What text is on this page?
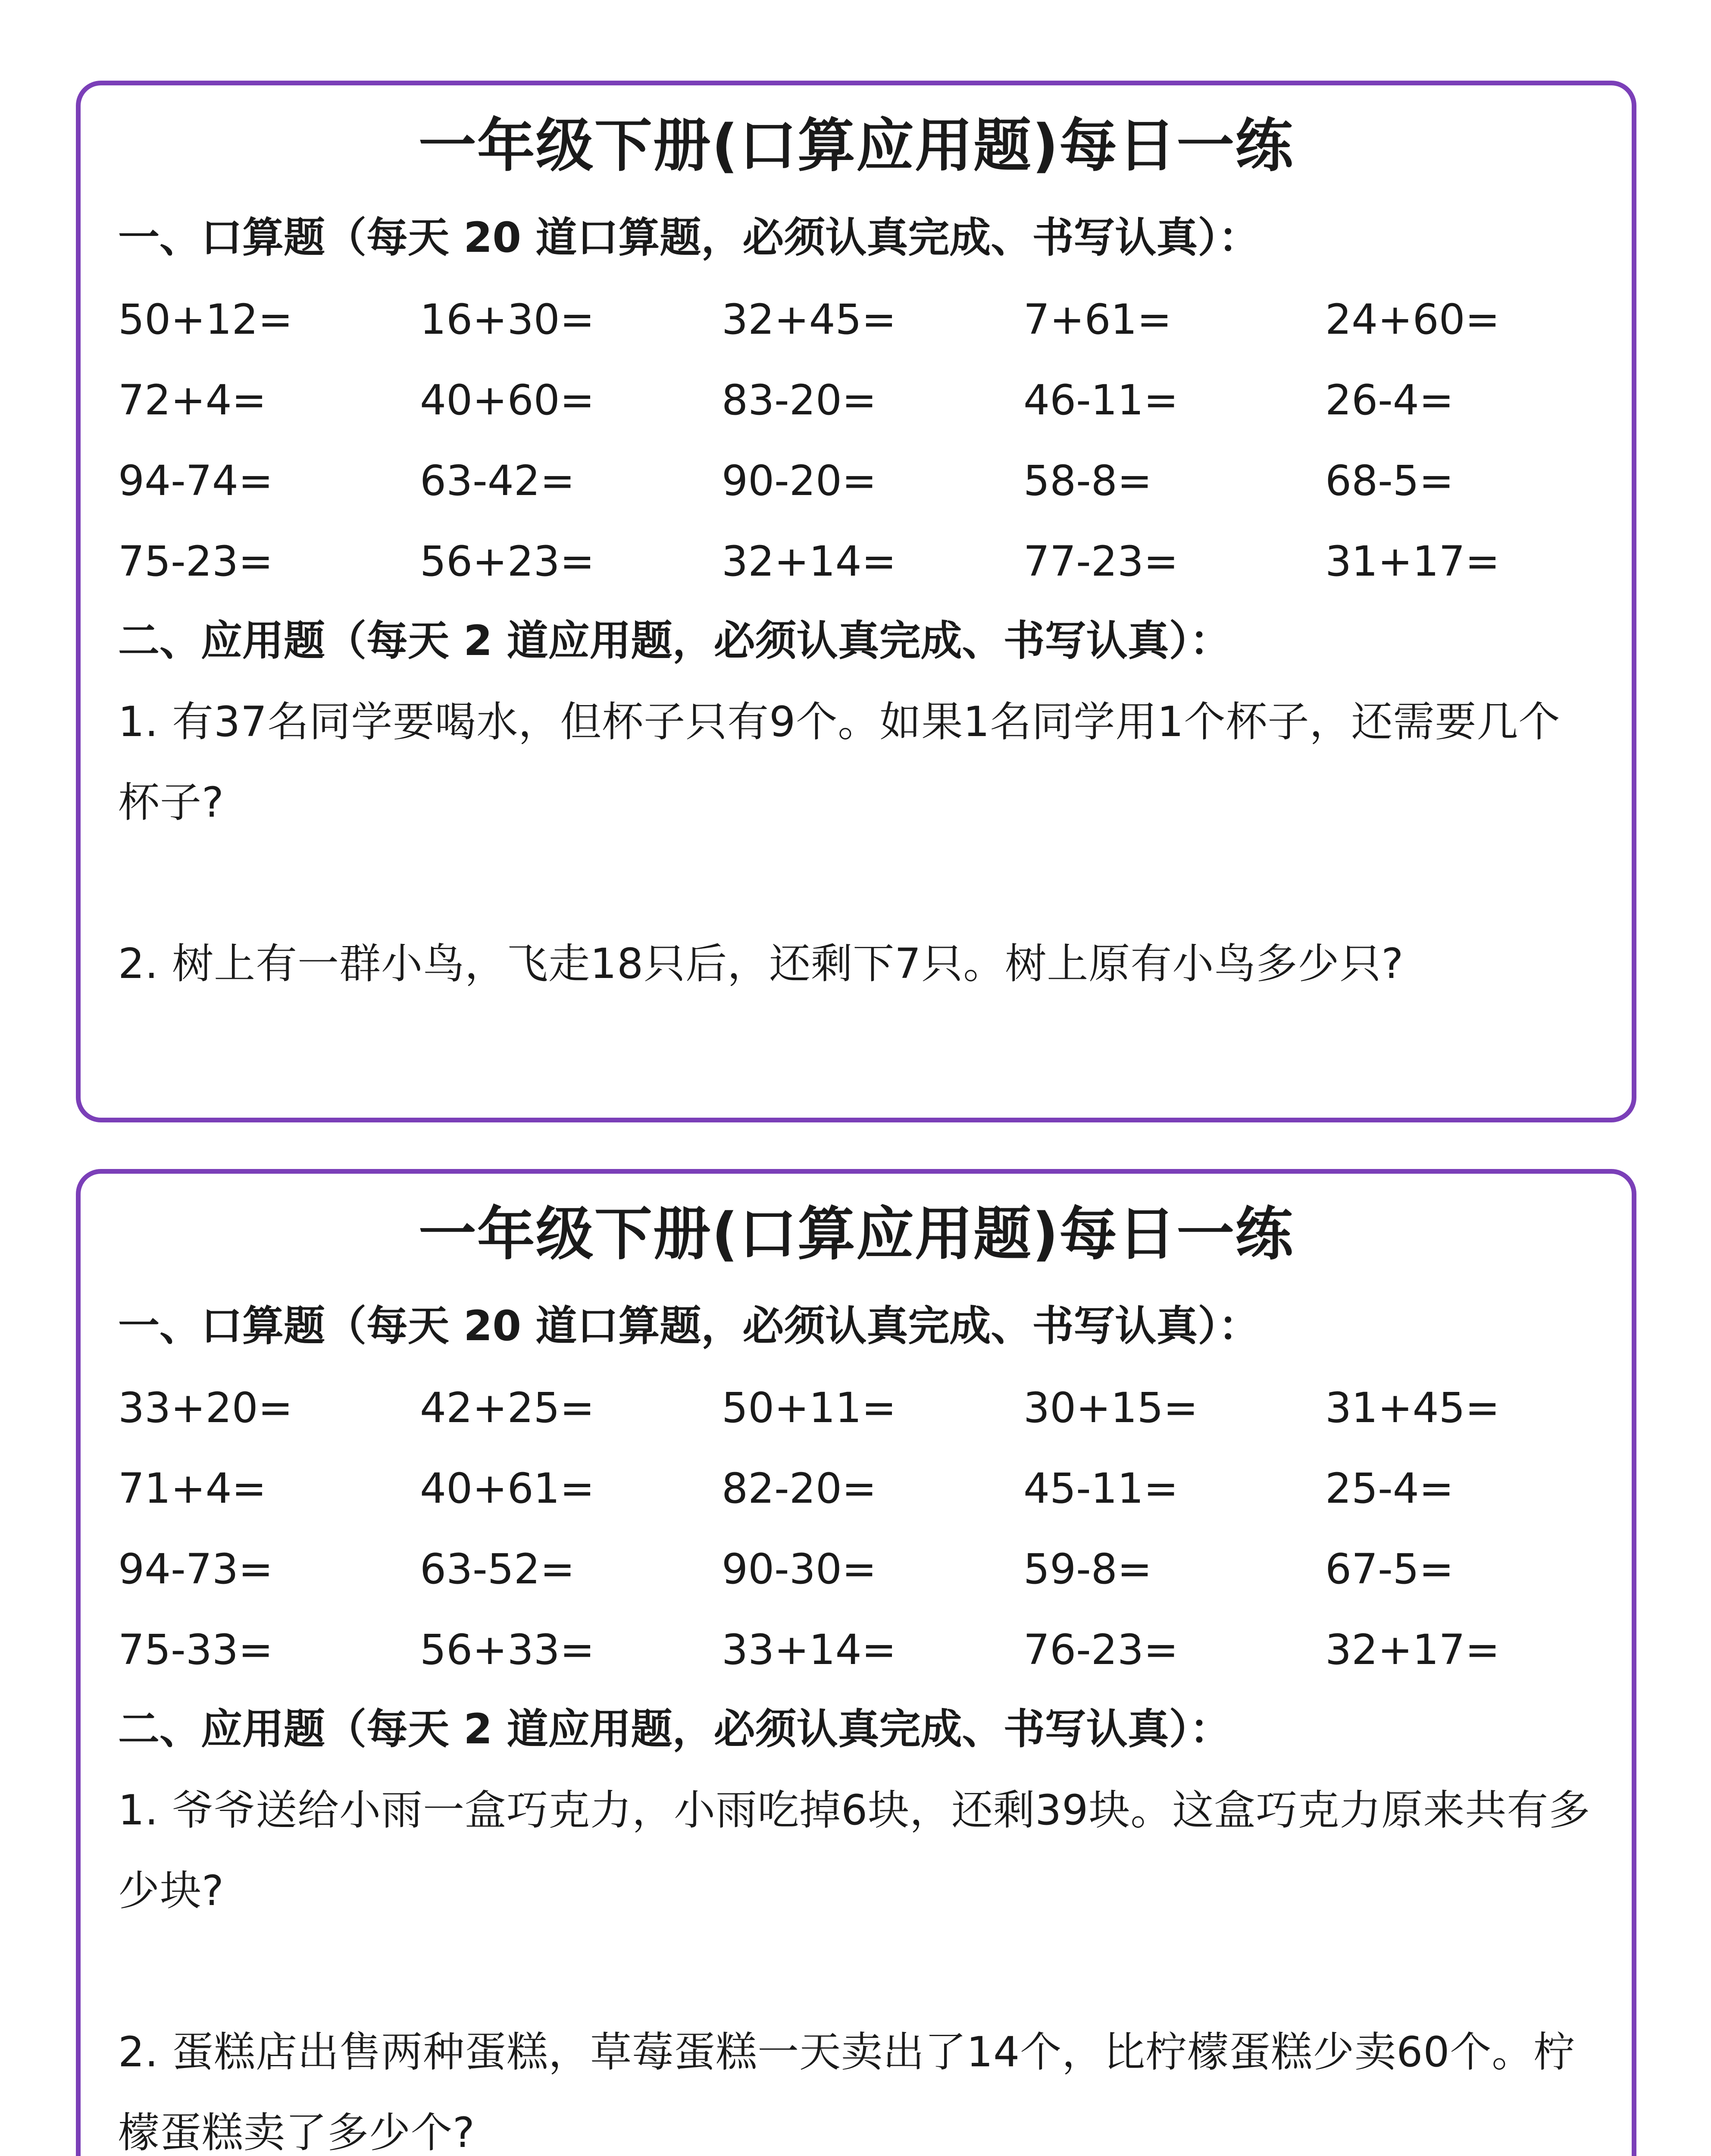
一年级下册(口算应用题)每日一练
一、口算题（每天 20 道口算题，必须认真完成、书写认真）：
50+12=	16+30=	32+45=	7+61=	24+60=
72+4=	40+60=	83-20=	46-11=	26-4=
94-74=	63-42=	90-20=	58-8=	68-5=
75-23=	56+23=	32+14=	77-23=	31+17=
二、应用题（每天 2 道应用题，必须认真完成、书写认真）：
1. 有37名同学要喝水，但杯子只有9个。如果1名同学用1个杯子，还需要几个杯子?
2. 树上有一群小鸟，飞走18只后，还剩下7只。树上原有小鸟多少只?
一年级下册(口算应用题)每日一练
一、口算题（每天 20 道口算题，必须认真完成、书写认真）：
33+20=	42+25=	50+11=	30+15=	31+45=
71+4=	40+61=	82-20=	45-11=	25-4=
94-73=	63-52=	90-30=	59-8=	67-5=
75-33=	56+33=	33+14=	76-23=	32+17=
二、应用题（每天 2 道应用题，必须认真完成、书写认真）：
1. 爷爷送给小雨一盒巧克力，小雨吃掉6块，还剩39块。这盒巧克力原来共有多少块?
2. 蛋糕店出售两种蛋糕，草莓蛋糕一天卖出了14个，比柠檬蛋糕少卖60个。柠檬蛋糕卖了多少个?
